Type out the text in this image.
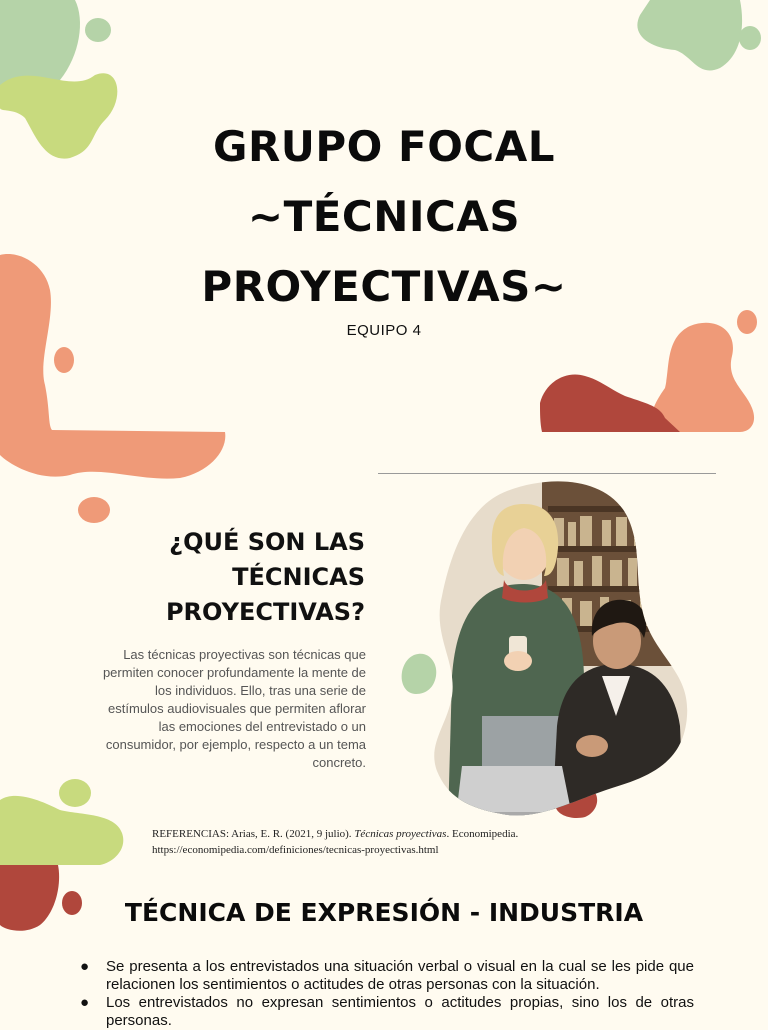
GRUPO FOCAL
~TÉCNICAS
PROYECTIVAS~
EQUIPO 4
¿QUÉ SON LAS
TÉCNICAS
PROYECTIVAS?

Las técnicas proyectivas son técnicas que permiten conocer profundamente la mente de los individuos. Ello, tras una serie de estímulos audiovisuales que permiten aflorar las emociones del entrevistado o un consumidor, por ejemplo, respecto a un tema concreto.

REFERENCIAS: Arias, E. R. (2021, 9 julio). Técnicas proyectivas. Economipedia.
https://economipedia.com/definiciones/tecnicas-proyectivas.html

TÉCNICA DE EXPRESIÓN - INDUSTRIA
● Se presenta a los entrevistados una situación verbal o visual en la cual se les pide que relacionen los sentimientos o actitudes de otras personas con la situación.
● Los entrevistados no expresan sentimientos o actitudes propias, sino los de otras personas.
